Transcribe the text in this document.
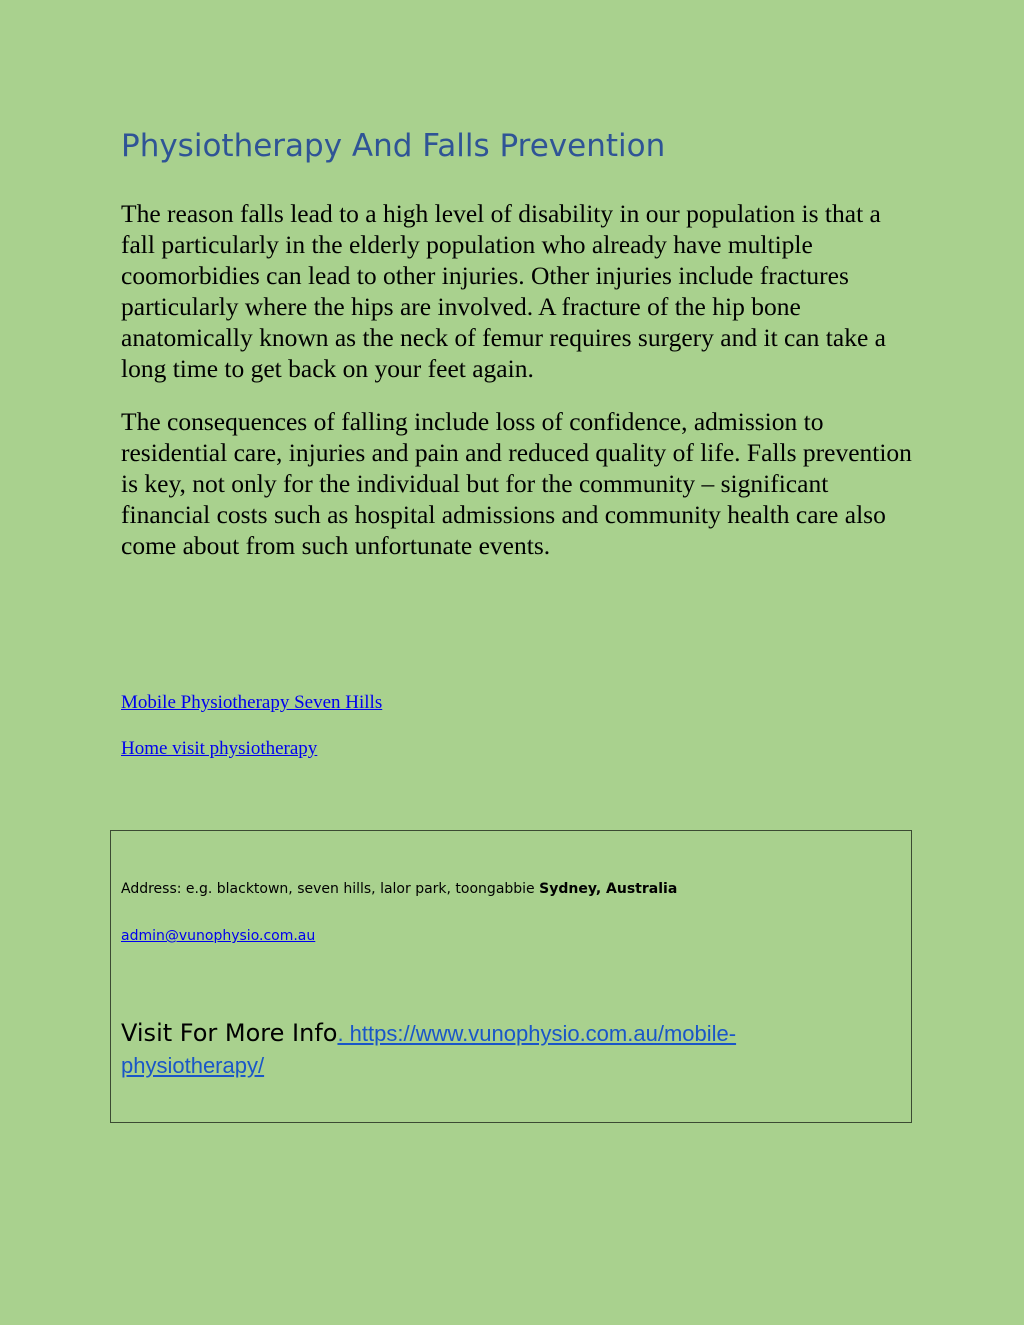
Physiotherapy And Falls Prevention

The reason falls lead to a high level of disability in our population is that a fall particularly in the elderly population who already have multiple coomorbidies can lead to other injuries. Other injuries include fractures particularly where the hips are involved. A fracture of the hip bone anatomically known as the neck of femur requires surgery and it can take a long time to get back on your feet again.

The consequences of falling include loss of confidence, admission to residential care, injuries and pain and reduced quality of life. Falls prevention is key, not only for the individual but for the community – significant financial costs such as hospital admissions and community health care also come about from such unfortunate events.

Mobile Physiotherapy Seven Hills
Home visit physiotherapy
Address: e.g. blacktown, seven hills, lalor park, toongabbie Sydney, Australia
admin@vunophysio.com.au
Visit For More Info. https://www.vunophysio.com.au/mobile-physiotherapy/
